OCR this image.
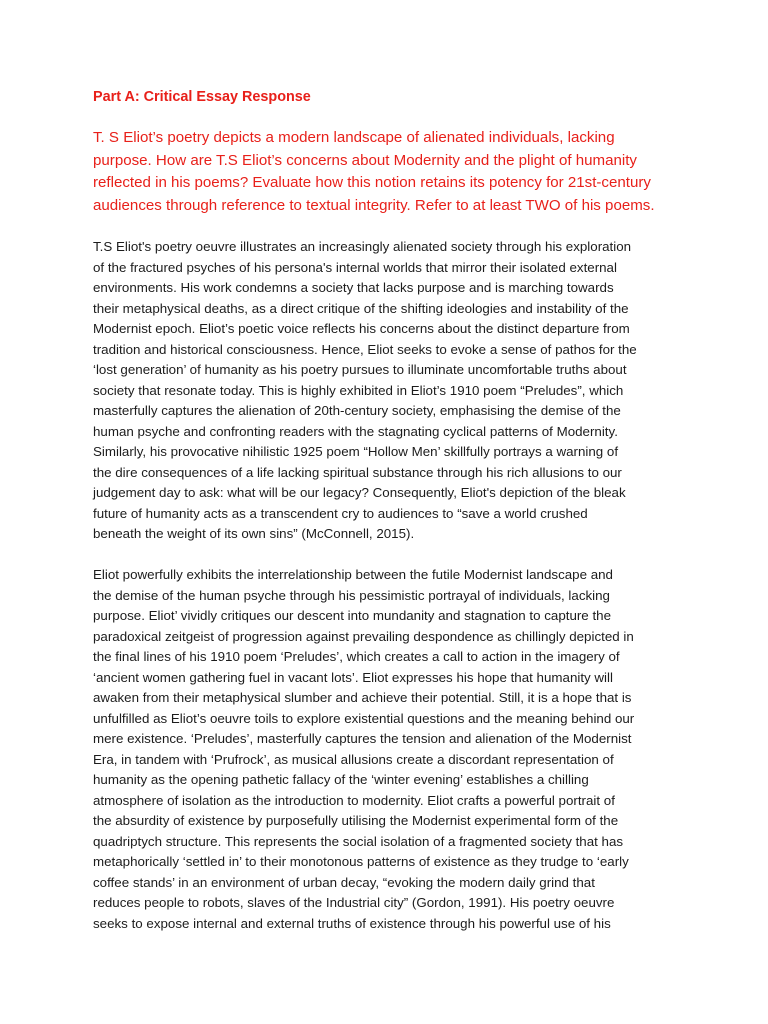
Part A: Critical Essay Response
T. S Eliot’s poetry depicts a modern landscape of alienated individuals, lacking
purpose. How are T.S Eliot’s concerns about Modernity and the plight of humanity
reflected in his poems? Evaluate how this notion retains its potency for 21st-century
audiences through reference to textual integrity. Refer to at least TWO of his poems.
T.S Eliot's poetry oeuvre illustrates an increasingly alienated society through his exploration
of the fractured psyches of his persona's internal worlds that mirror their isolated external
environments. His work condemns a society that lacks purpose and is marching towards
their metaphysical deaths, as a direct critique of the shifting ideologies and instability of the
Modernist epoch. Eliot’s poetic voice reflects his concerns about the distinct departure from
tradition and historical consciousness. Hence, Eliot seeks to evoke a sense of pathos for the
‘lost generation’ of humanity as his poetry pursues to illuminate uncomfortable truths about
society that resonate today. This is highly exhibited in Eliot’s 1910 poem “Preludes”, which
masterfully captures the alienation of 20th-century society, emphasising the demise of the
human psyche and confronting readers with the stagnating cyclical patterns of Modernity.
Similarly, his provocative nihilistic 1925 poem “Hollow Men’ skillfully portrays a warning of
the dire consequences of a life lacking spiritual substance through his rich allusions to our
judgement day to ask: what will be our legacy? Consequently, Eliot's depiction of the bleak
future of humanity acts as a transcendent cry to audiences to “save a world crushed
beneath the weight of its own sins” (McConnell, 2015).
Eliot powerfully exhibits the interrelationship between the futile Modernist landscape and
the demise of the human psyche through his pessimistic portrayal of individuals, lacking
purpose. Eliot’ vividly critiques our descent into mundanity and stagnation to capture the
paradoxical zeitgeist of progression against prevailing despondence as chillingly depicted in
the final lines of his 1910 poem ‘Preludes’, which creates a call to action in the imagery of
‘ancient women gathering fuel in vacant lots’. Eliot expresses his hope that humanity will
awaken from their metaphysical slumber and achieve their potential. Still, it is a hope that is
unfulfilled as Eliot’s oeuvre toils to explore existential questions and the meaning behind our
mere existence. ‘Preludes’, masterfully captures the tension and alienation of the Modernist
Era, in tandem with ‘Prufrock’, as musical allusions create a discordant representation of
humanity as the opening pathetic fallacy of the ‘winter evening’ establishes a chilling
atmosphere of isolation as the introduction to modernity. Eliot crafts a powerful portrait of
the absurdity of existence by purposefully utilising the Modernist experimental form of the
quadriptych structure. This represents the social isolation of a fragmented society that has
metaphorically ‘settled in’ to their monotonous patterns of existence as they trudge to ‘early
coffee stands’ in an environment of urban decay, “evoking the modern daily grind that
reduces people to robots, slaves of the Industrial city” (Gordon, 1991). His poetry oeuvre
seeks to expose internal and external truths of existence through his powerful use of his
